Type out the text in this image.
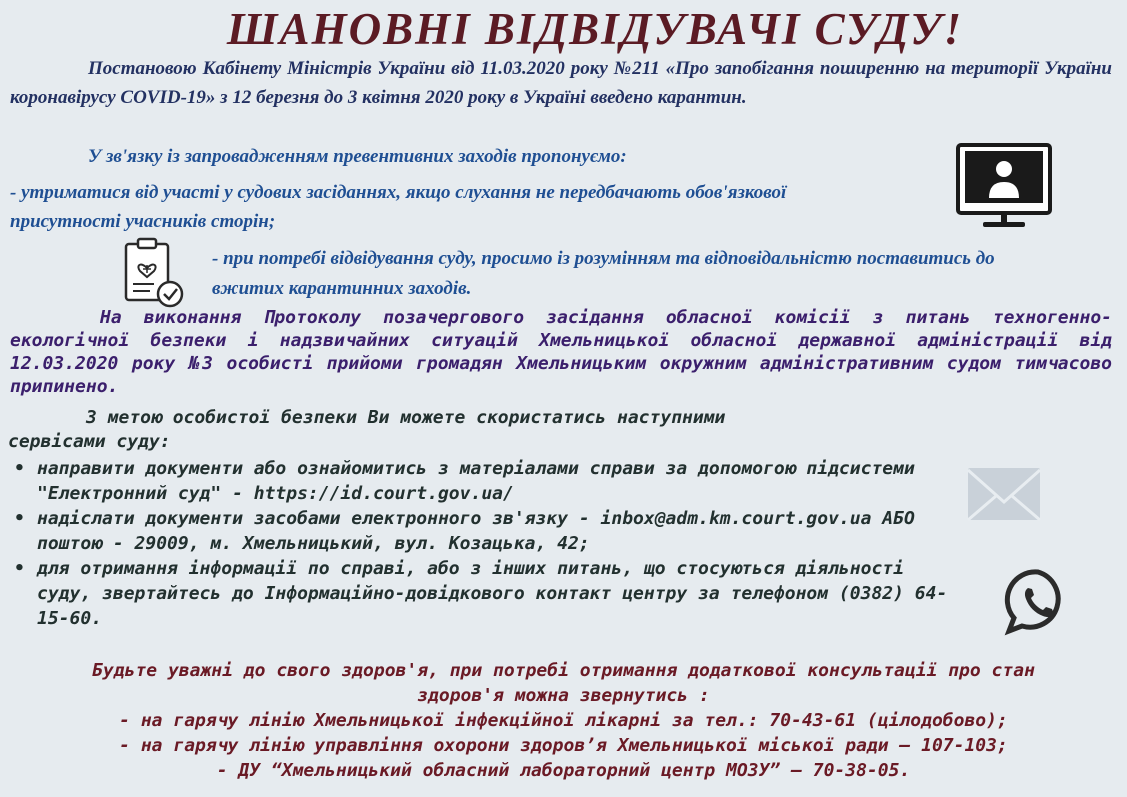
ШАНОВНІ ВІДВІДУВАЧІ СУДУ!
Постановою Кабінету Міністрів України від 11.03.2020 року №211 «Про запобігання поширенню на території України коронавірусу COVID-19» з 12 березня до 3 квітня 2020 року в Україні введено карантин.
У зв'язку із запровадженням превентивних заходів пропонуємо:
- утриматися від участі у судових засіданнях, якщо слухання не передбачають обов'язкової присутності учасників сторін;
- при потребі відвідування суду, просимо із розумінням та відповідальністю поставитись до вжитих карантинних заходів.
На виконання Протоколу позачергового засідання обласної комісії з питань техногенно-екологічної безпеки і надзвичайних ситуацій Хмельницької обласної державної адміністрації від 12.03.2020 року №3 особисті прийоми громадян Хмельницьким окружним адміністративним судом тимчасово припинено.
З метою особистої безпеки Ви можете скористатись наступними
сервісами суду:
• направити документи або ознайомитись з матеріалами справи за допомогою підсистеми "Електронний суд" - https://id.court.gov.ua/
• надіслати документи засобами електронного зв'язку - inbox@adm.km.court.gov.ua АБО поштою - 29009, м. Хмельницький, вул. Козацька, 42;
• для отримання інформації по справі, або з інших питань, що стосуються діяльності суду, звертайтесь до Інформаційно-довідкового контакт центру за телефоном (0382) 64-15-60.
Будьте уважні до свого здоров'я, при потребі отримання додаткової консультації про стан
здоров'я можна звернутись :
- на гарячу лінію Хмельницької інфекційної лікарні за тел.: 70-43-61 (цілодобово);
- на гарячу лінію управління охорони здоров’я Хмельницької міської ради – 107-103;
- ДУ “Хмельницький обласний лабораторний центр МОЗУ” – 70-38-05.
